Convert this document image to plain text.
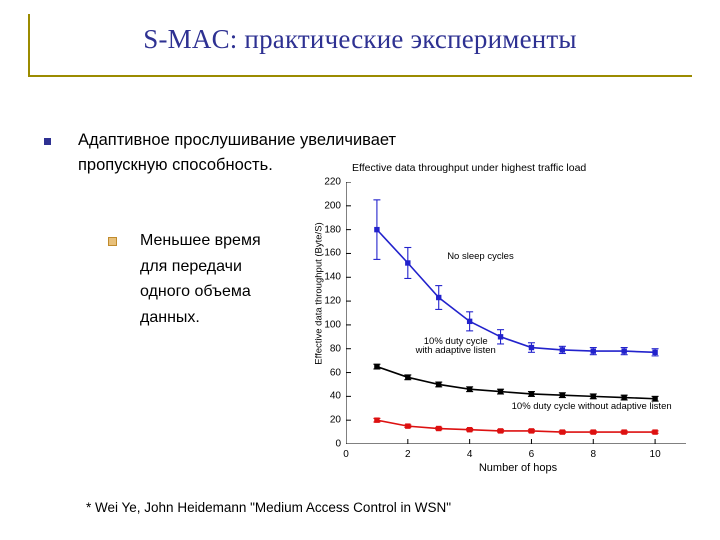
S-MAC: практические эксперименты
Адаптивное прослушивание увеличивает пропускную способность.
Меньшее время для передачи одного объема данных.
* Wei Ye, John Heidemann "Medium Access Control in WSN"
Effective data throughput under highest traffic load
Effective data throughput (Byte/S)
Number of hops
0
20
40
60
80
100
120
140
160
180
200
220
0	2	4	6	8	10
No sleep cycles
10% duty cycle
with adaptive listen
10% duty cycle without adaptive listen
